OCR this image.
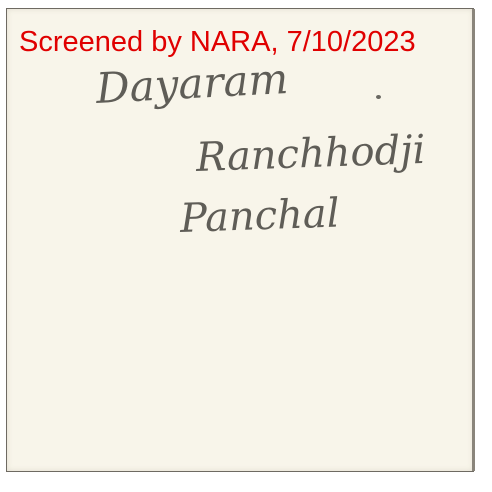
Screened by NARA, 7/10/2023
Dayaram
Ranchhodji
Panchal
